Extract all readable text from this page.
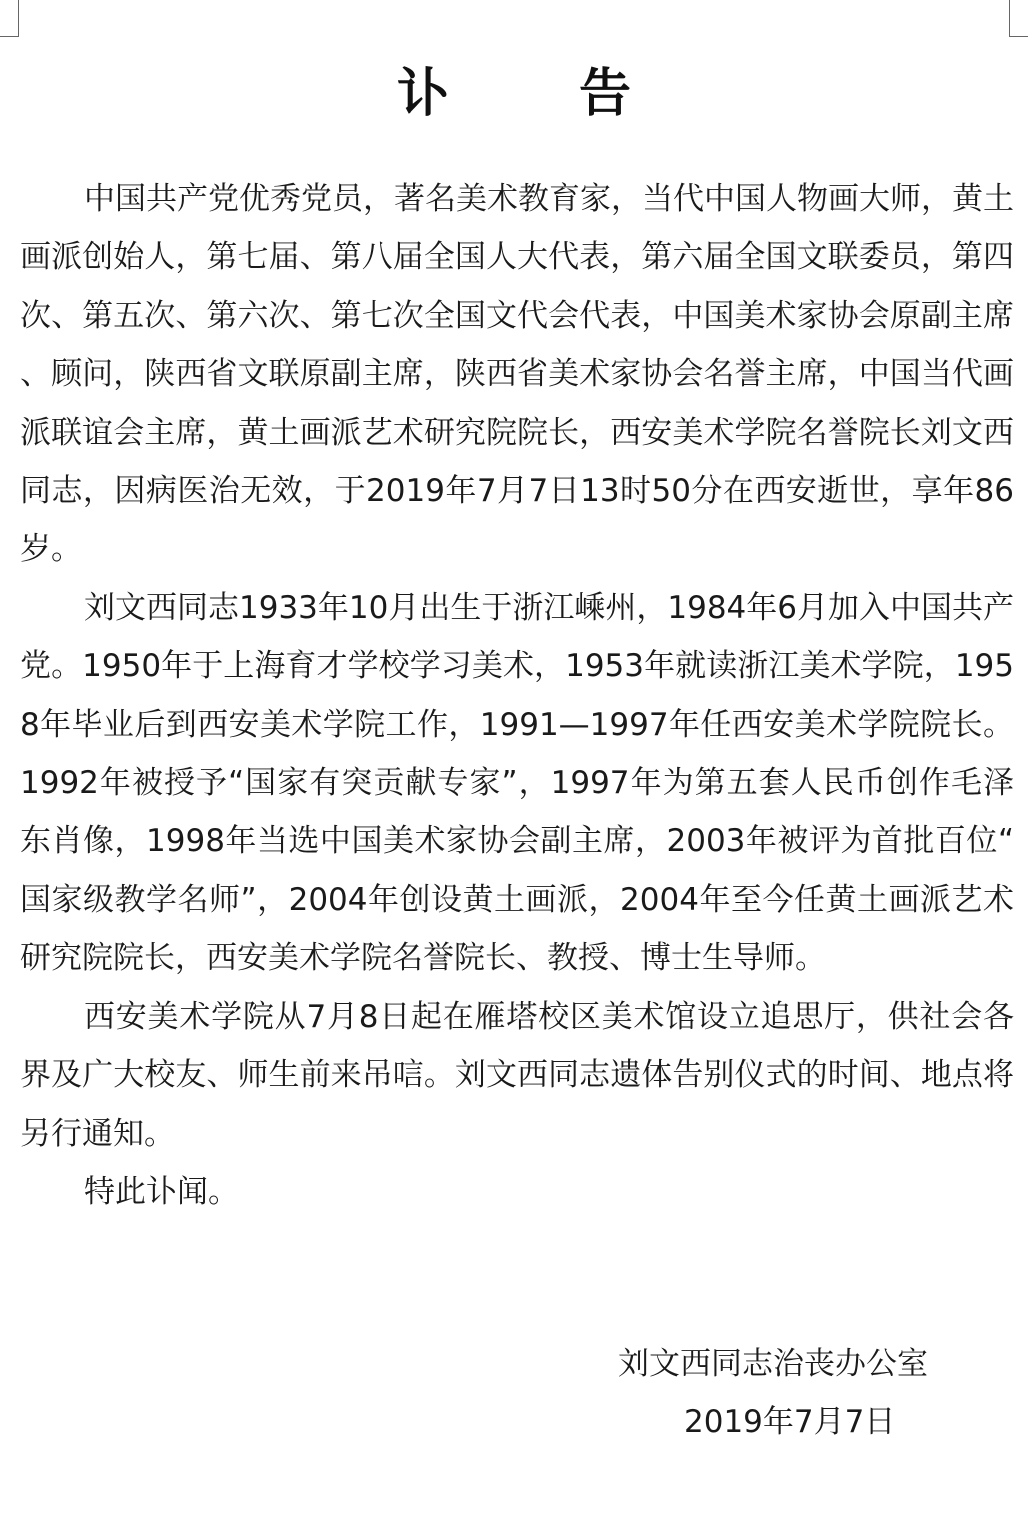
讣 告

中国共产党优秀党员，著名美术教育家，当代中国人物画大师，黄土画派创始人，第七届、第八届全国人大代表，第六届全国文联委员，第四次、第五次、第六次、第七次全国文代会代表，中国美术家协会原副主席、顾问，陕西省文联原副主席，陕西省美术家协会名誉主席，中国当代画派联谊会主席，黄土画派艺术研究院院长，西安美术学院名誉院长刘文西同志，因病医治无效，于2019年7月7日13时50分在西安逝世，享年86岁。

刘文西同志1933年10月出生于浙江嵊州，1984年6月加入中国共产党。1950年于上海育才学校学习美术，1953年就读浙江美术学院，1958年毕业后到西安美术学院工作，1991—1997年任西安美术学院院长。1992年被授予“国家有突贡献专家”，1997年为第五套人民币创作毛泽东肖像，1998年当选中国美术家协会副主席，2003年被评为首批百位“国家级教学名师”，2004年创设黄土画派，2004年至今任黄土画派艺术研究院院长，西安美术学院名誉院长、教授、博士生导师。

西安美术学院从7月8日起在雁塔校区美术馆设立追思厅，供社会各界及广大校友、师生前来吊唁。刘文西同志遗体告别仪式的时间、地点将另行通知。

特此讣闻。

刘文西同志治丧办公室
2019年7月7日
